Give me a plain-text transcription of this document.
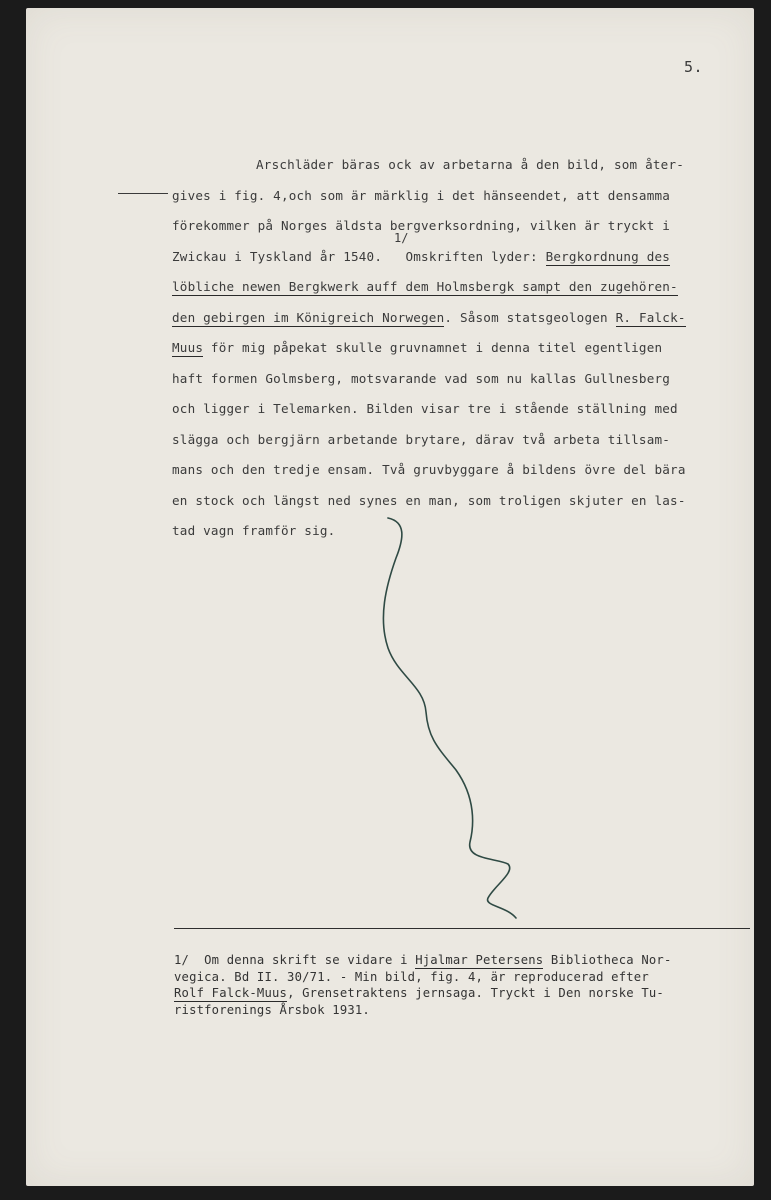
5.
1/
Arschläder bäras ock av arbetarna å den bild, som åter-
gives i fig. 4,och som är märklig i det hänseendet, att densamma
förekommer på Norges äldsta bergverksordning, vilken är tryckt i
Zwickau i Tyskland år 1540. Omskriften lyder: Bergkordnung des
löbliche newen Bergkwerk auff dem Holmsbergk sampt den zugehören-
den gebirgen im Königreich Norwegen. Såsom statsgeologen R. Falck-
Muus för mig påpekat skulle gruvnamnet i denna titel egentligen
haft formen Golmsberg, motsvarande vad som nu kallas Gullnesberg
och ligger i Telemarken. Bilden visar tre i stående ställning med
slägga och bergjärn arbetande brytare, därav två arbeta tillsam-
mans och den tredje ensam. Två gruvbyggare å bildens övre del bära
en stock och längst ned synes en man, som troligen skjuter en las-
tad vagn framför sig.
1/  Om denna skrift se vidare i Hjalmar Petersens Bibliotheca Nor-
vegica. Bd II. 30/71. - Min bild, fig. 4, är reproducerad efter
Rolf Falck-Muus, Grensetraktens jernsaga. Tryckt i Den norske Tu-
ristforenings Årsbok 1931.
